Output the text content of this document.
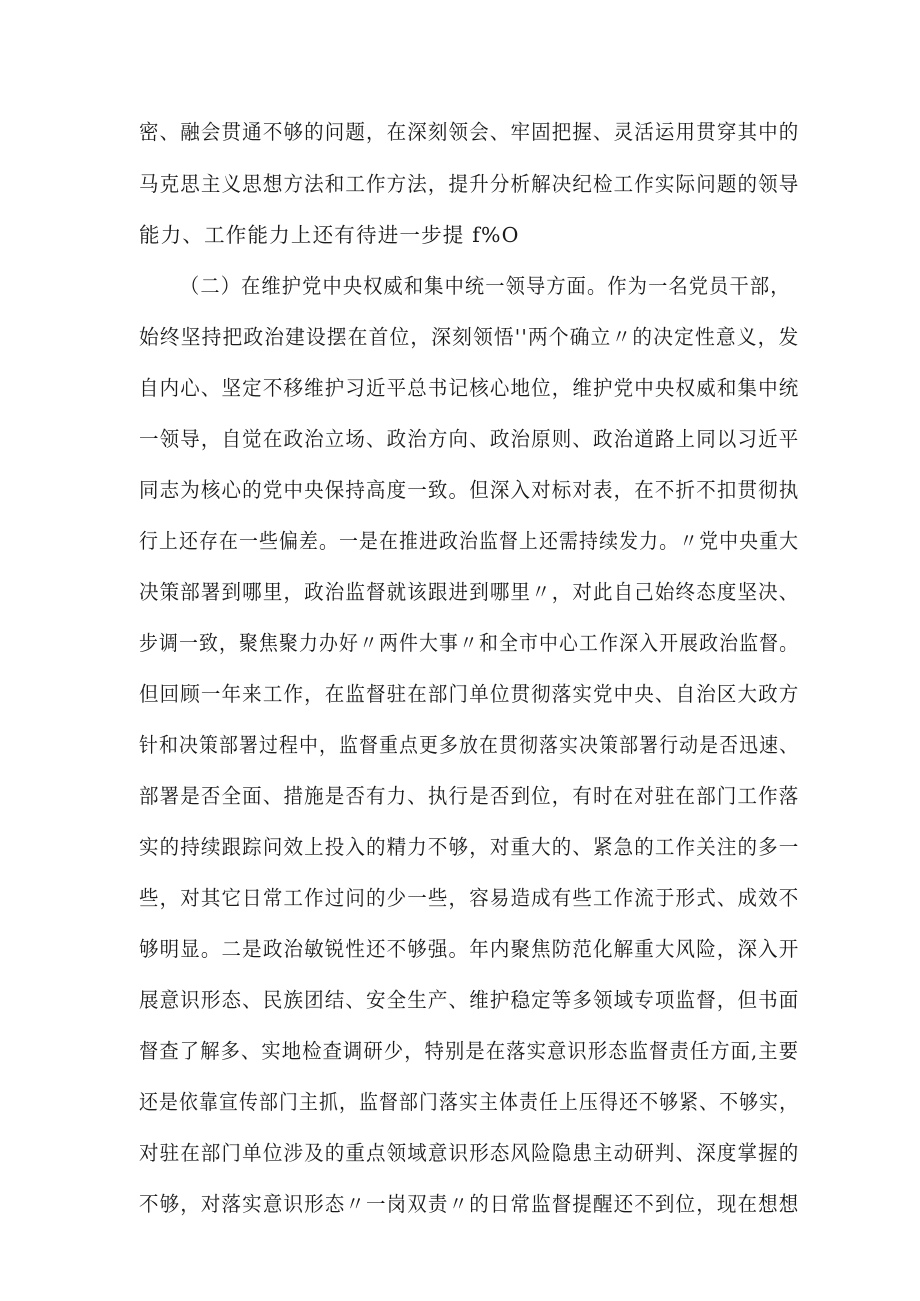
密、融会贯通不够的问题，在深刻领会、牢固把握、灵活运用贯穿其中的
马克思主义思想方法和工作方法，提升分析解决纪检工作实际问题的领导
能力、工作能力上还有待进一步提 f%O
（二）在维护党中央权威和集中统一领导方面。作为一名党员干部，
始终坚持把政治建设摆在首位，深刻领悟''两个确立〃的决定性意义，发
自内心、坚定不移维护习近平总书记核心地位，维护党中央权威和集中统
一领导，自觉在政治立场、政治方向、政治原则、政治道路上同以习近平
同志为核心的党中央保持高度一致。但深入对标对表，在不折不扣贯彻执
行上还存在一些偏差。一是在推进政治监督上还需持续发力。〃党中央重大
决策部署到哪里，政治监督就该跟进到哪里〃，对此自己始终态度坚决、
步调一致，聚焦聚力办好〃两件大事〃和全市中心工作深入开展政治监督。
但回顾一年来工作，在监督驻在部门单位贯彻落实党中央、自治区大政方
针和决策部署过程中，监督重点更多放在贯彻落实决策部署行动是否迅速、
部署是否全面、措施是否有力、执行是否到位，有时在对驻在部门工作落
实的持续跟踪问效上投入的精力不够，对重大的、紧急的工作关注的多一
些，对其它日常工作过问的少一些，容易造成有些工作流于形式、成效不
够明显。二是政治敏锐性还不够强。年内聚焦防范化解重大风险，深入开
展意识形态、民族团结、安全生产、维护稳定等多领域专项监督，但书面
督查了解多、实地检查调研少，特别是在落实意识形态监督责任方面,主要
还是依靠宣传部门主抓，监督部门落实主体责任上压得还不够紧、不够实，
对驻在部门单位涉及的重点领域意识形态风险隐患主动研判、深度掌握的
不够，对落实意识形态〃一岗双责〃的日常监督提醒还不到位，现在想想
